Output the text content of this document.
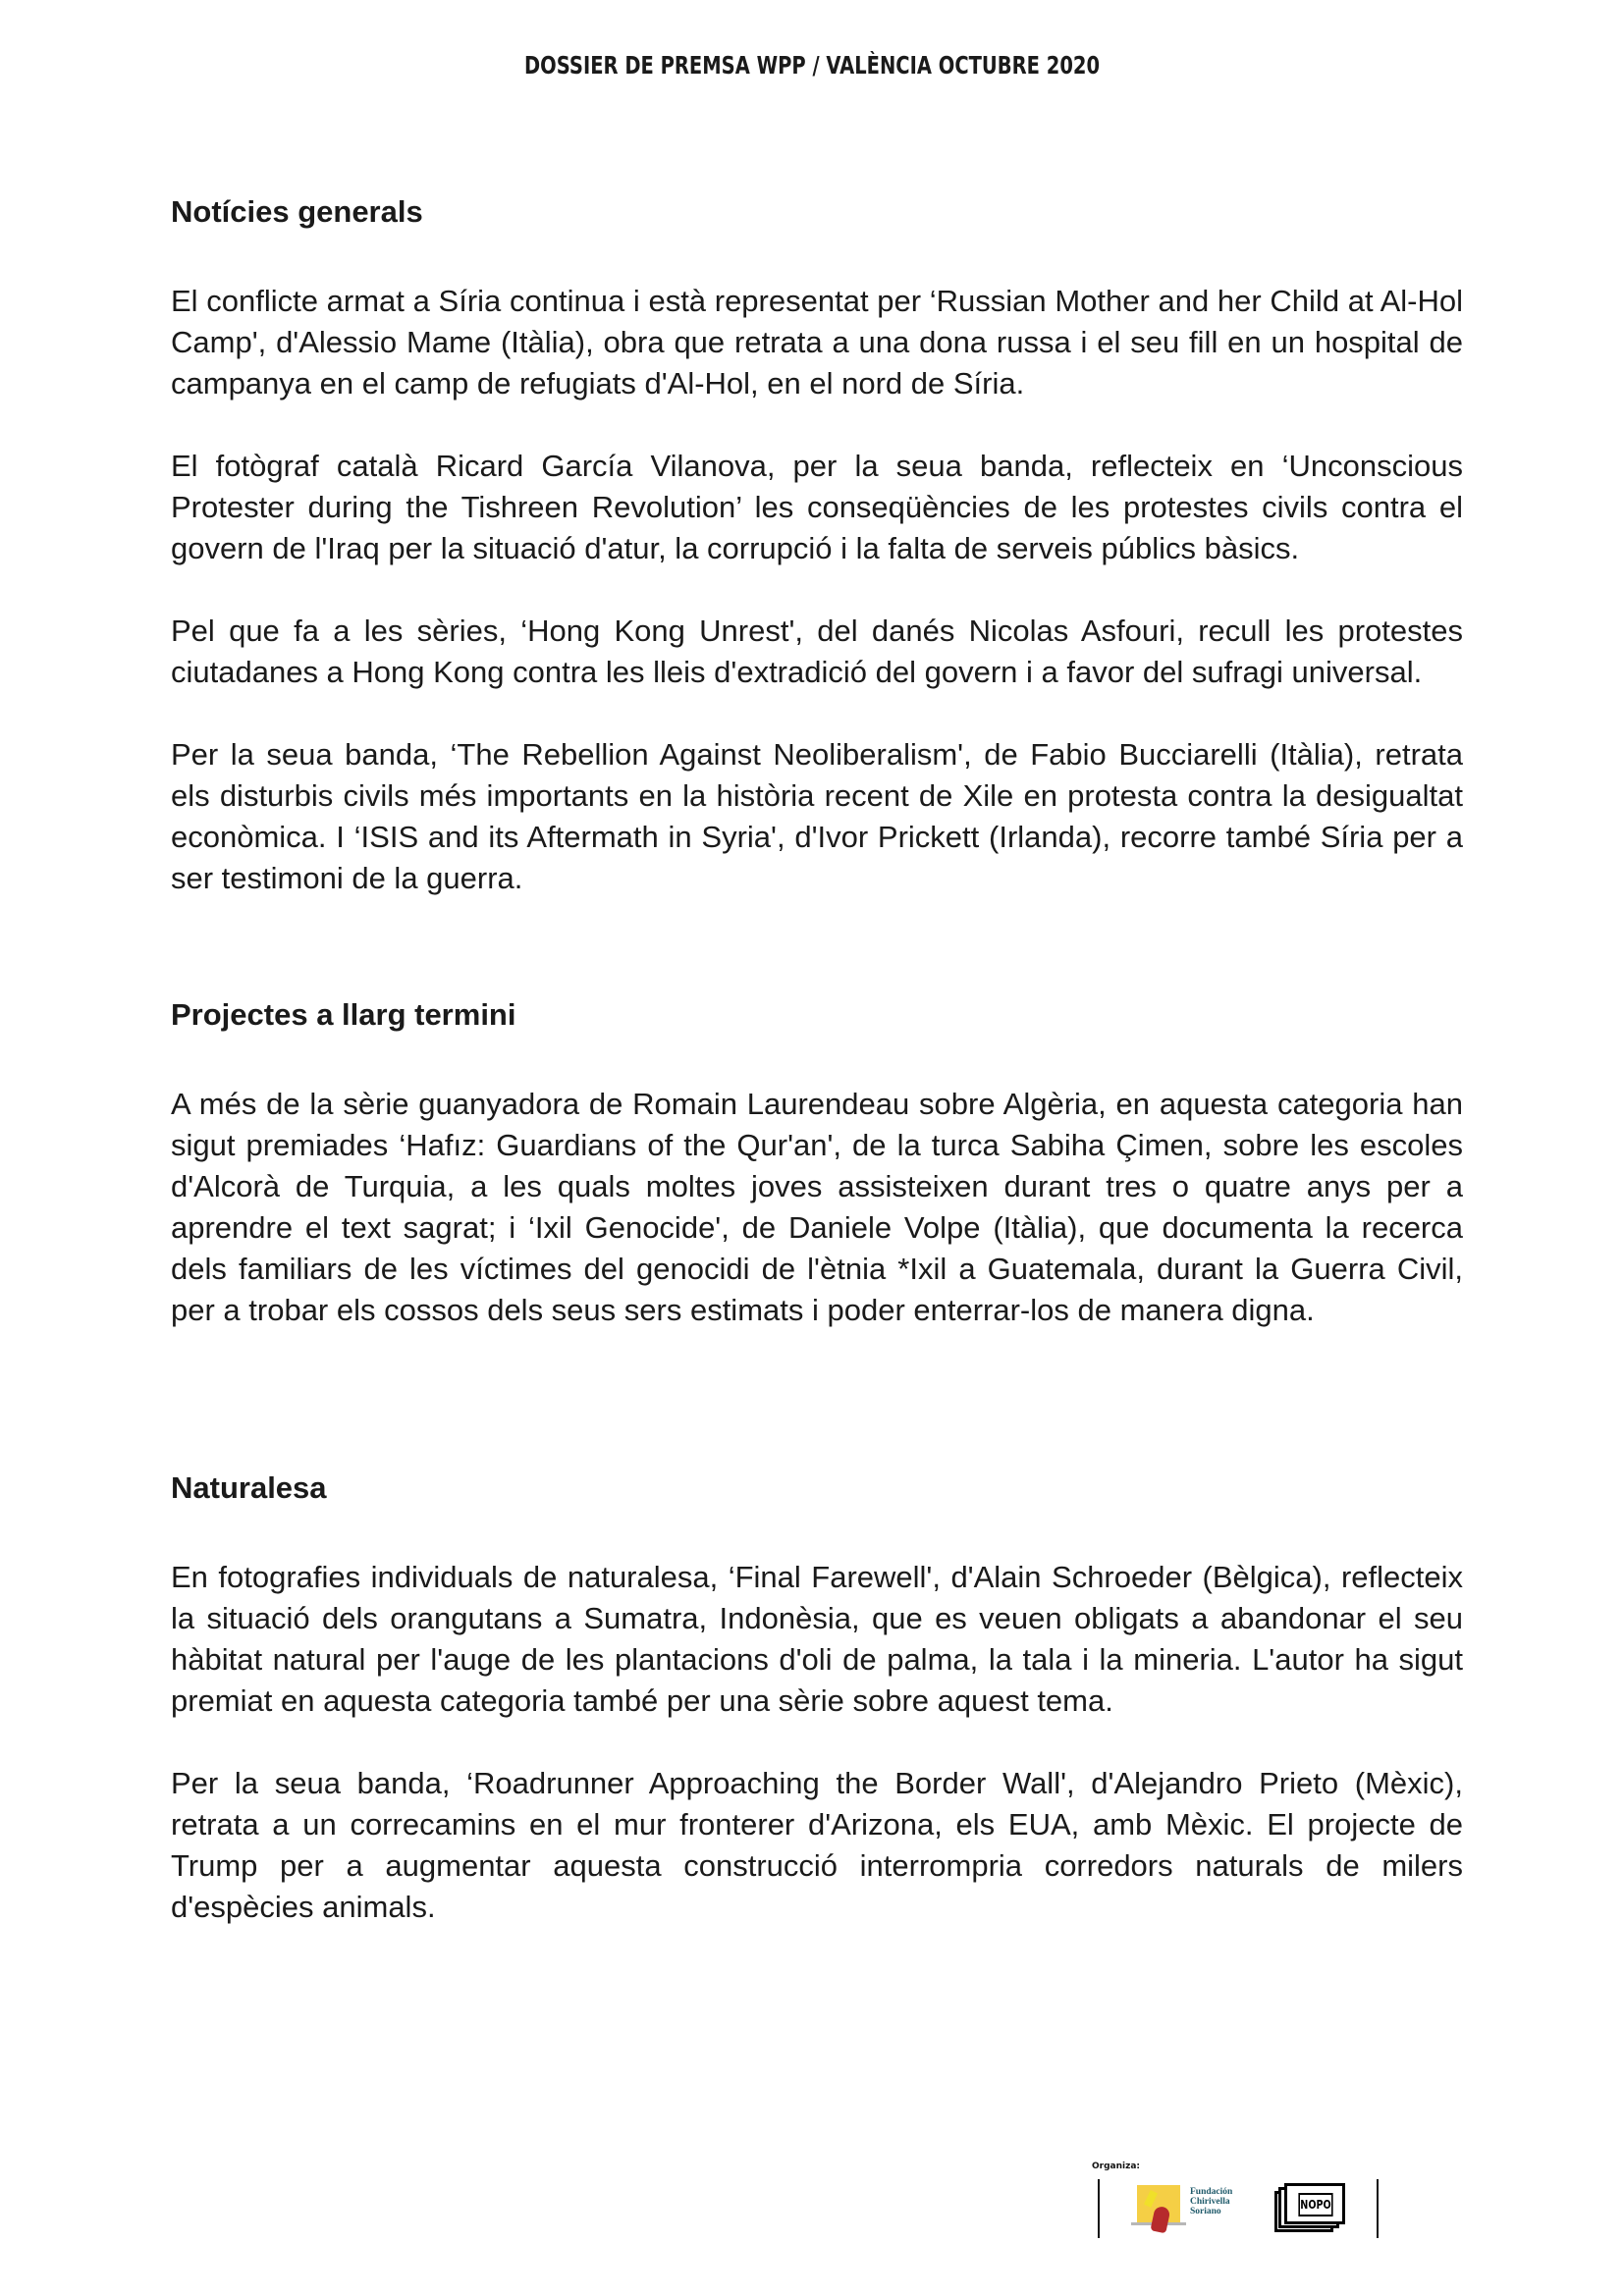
DOSSIER DE PREMSA WPP / VALÈNCIA OCTUBRE 2020
Notícies generals

El conflicte armat a Síria continua i està representat per ‘Russian Mother and her Child at Al-Hol Camp', d'Alessio Mame (Itàlia), obra que retrata a una dona russa i el seu fill en un hospital de campanya en el camp de refugiats d'Al-Hol, en el nord de Síria.

El fotògraf català Ricard García Vilanova, per la seua banda, reflecteix en ‘Unconscious Protester during the Tishreen Revolution’ les conseqüències de les protestes civils contra el govern de l'Iraq per la situació d'atur, la corrupció i la falta de serveis públics bàsics.

Pel que fa a les sèries, ‘Hong Kong Unrest', del danés Nicolas Asfouri, recull les protestes ciutadanes a Hong Kong contra les lleis d'extradició del govern i a favor del sufragi universal.

Per la seua banda, ‘The Rebellion Against Neoliberalism', de Fabio Bucciarelli (Itàlia), retrata els disturbis civils més importants en la història recent de Xile en protesta contra la desigualtat econòmica. I ‘ISIS and its Aftermath in Syria', d'Ivor Prickett (Irlanda), recorre també Síria per a ser testimoni de la guerra.

Projectes a llarg termini

A més de la sèrie guanyadora de Romain Laurendeau sobre Algèria, en aquesta categoria han sigut premiades ‘Hafız: Guardians of the Qur'an', de la turca Sabiha Çimen, sobre les escoles d'Alcorà de Turquia, a les quals moltes joves assisteixen durant tres o quatre anys per a aprendre el text sagrat; i ‘Ixil Genocide', de Daniele Volpe (Itàlia), que documenta la recerca dels familiars de les víctimes del genocidi de l'ètnia *Ixil a Guatemala, durant la Guerra Civil, per a trobar els cossos dels seus sers estimats i poder enterrar-los de manera digna.

Naturalesa

En fotografies individuals de naturalesa, ‘Final Farewell', d'Alain Schroeder (Bèlgica), reflecteix la situació dels orangutans a Sumatra, Indonèsia, que es veuen obligats a abandonar el seu hàbitat natural per l'auge de les plantacions d'oli de palma, la tala i la mineria. L'autor ha sigut premiat en aquesta categoria també per una sèrie sobre aquest tema.

Per la seua banda, ‘Roadrunner Approaching the Border Wall', d'Alejandro Prieto (Mèxic), retrata a un correcamins en el mur fronterer d'Arizona, els EUA, amb Mèxic. El projecte de Trump per a augmentar aquesta construcció interrompria corredors naturals de milers d'espècies animals.

Organiza:
Fundación
Chirivella
Soriano	NOPO
